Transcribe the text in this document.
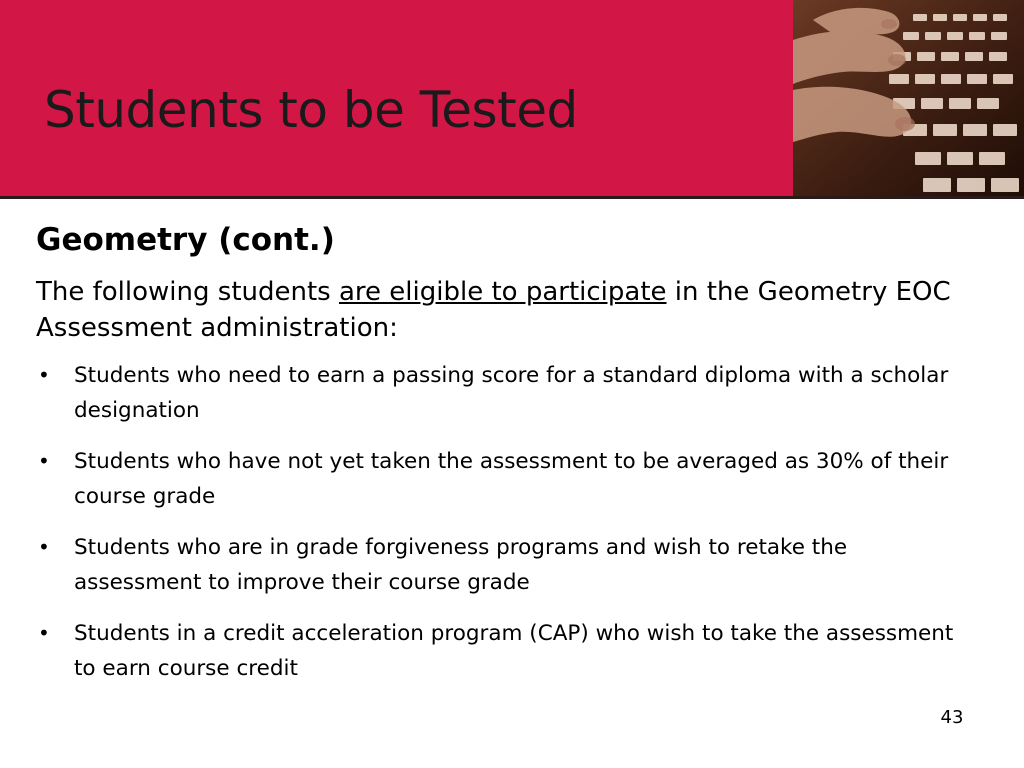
Students to be Tested
Geometry (cont.)

The following students are eligible to participate in the Geometry EOC Assessment administration:

• Students who need to earn a passing score for a standard diploma with a scholar designation
• Students who have not yet taken the assessment to be averaged as 30% of their course grade
• Students who are in grade forgiveness programs and wish to retake the assessment to improve their course grade
• Students in a credit acceleration program (CAP) who wish to take the assessment to earn course credit
43
